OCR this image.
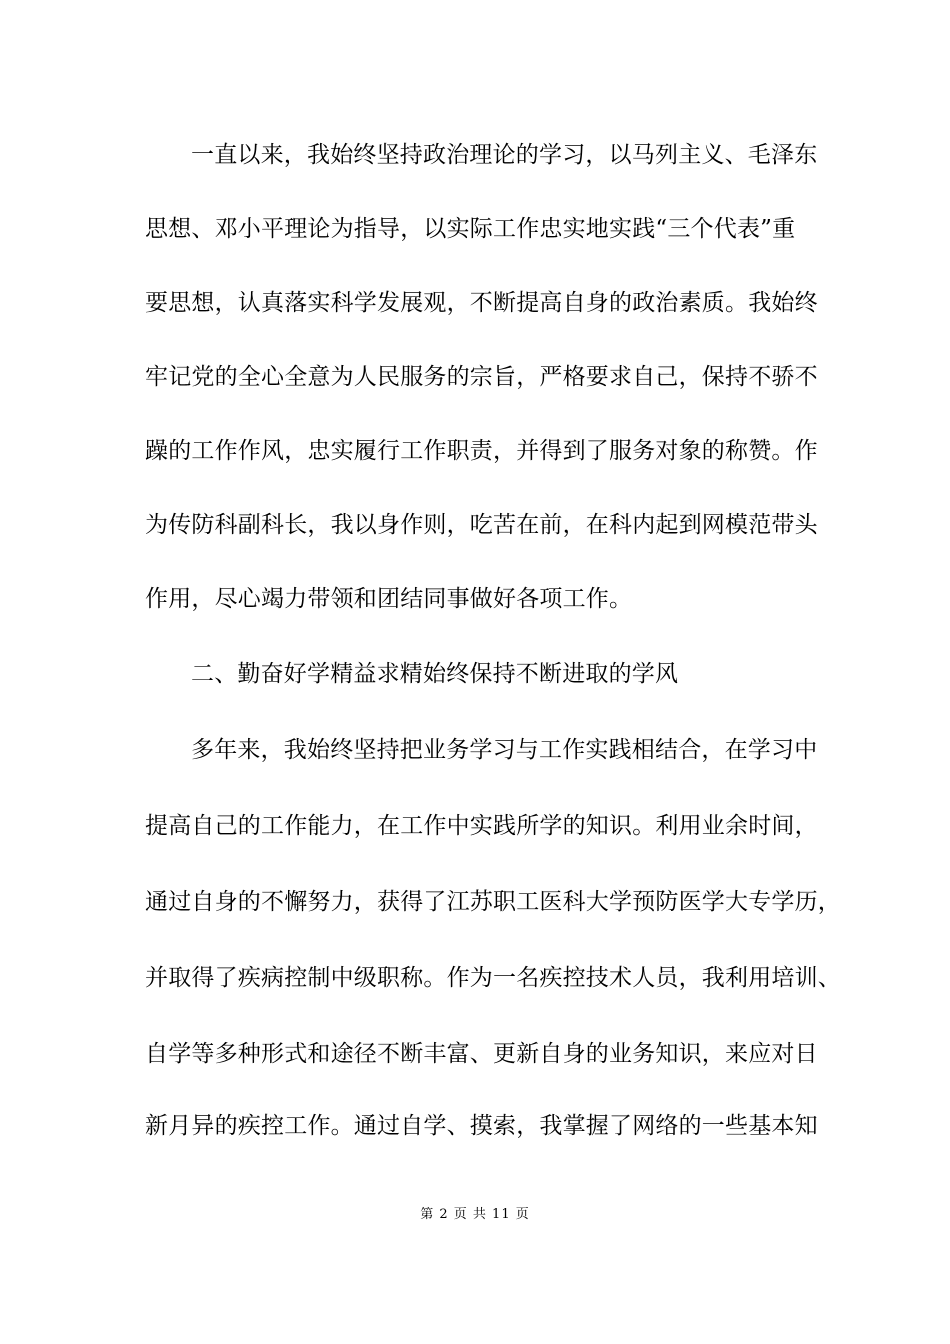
一直以来，我始终坚持政治理论的学习，以马列主义、毛泽东
思想、邓小平理论为指导，以实际工作忠实地实践“三个代表”重
要思想，认真落实科学发展观，不断提高自身的政治素质。我始终
牢记党的全心全意为人民服务的宗旨，严格要求自己，保持不骄不
躁的工作作风，忠实履行工作职责，并得到了服务对象的称赞。作
为传防科副科长，我以身作则，吃苦在前，在科内起到网模范带头
作用，尽心竭力带领和团结同事做好各项工作。
二、勤奋好学精益求精始终保持不断进取的学风
多年来，我始终坚持把业务学习与工作实践相结合，在学习中
提高自己的工作能力，在工作中实践所学的知识。利用业余时间，
通过自身的不懈努力，获得了江苏职工医科大学预防医学大专学历，
并取得了疾病控制中级职称。作为一名疾控技术人员，我利用培训、
自学等多种形式和途径不断丰富、更新自身的业务知识，来应对日
新月异的疾控工作。通过自学、摸索，我掌握了网络的一些基本知
第 2 页 共 11 页
